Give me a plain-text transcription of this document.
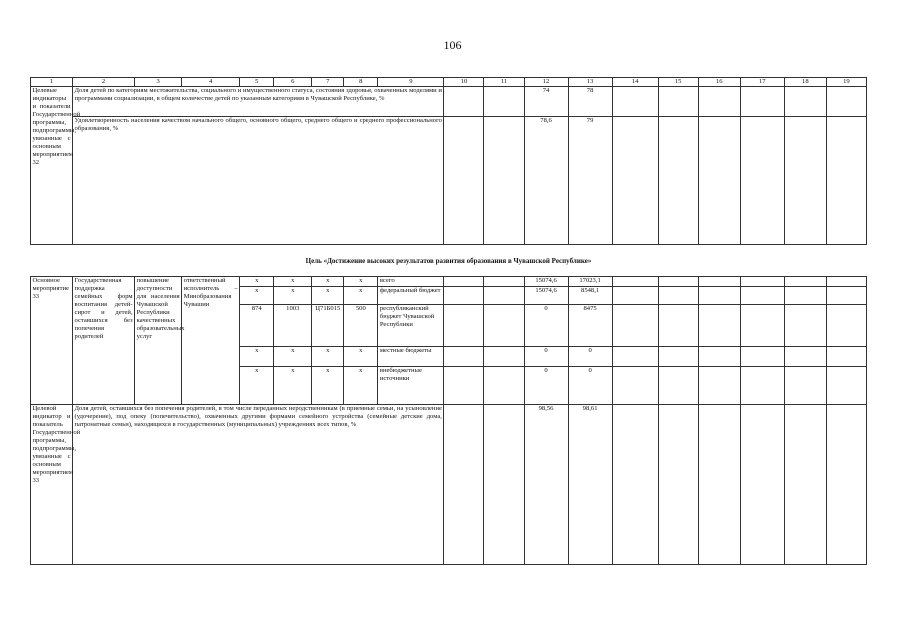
106
1	2	3	4	5	6	7	8	9	10	11	12	13	14	15	16	17	18	19
Целевые индикаторы и показатели Государственной программы, подпрограммы, увязанные с основным мероприятием 32	Доля детей по категориям местожительства, социального и имущественного статуса, состояния здоровья, охваченных моделями и программами социализации, в общем количестве детей по указанным категориям в Чувашской Республике, %										74	78						
	Удовлетворенность населения качеством начального общего, основного общего, среднего общего и среднего профессионального образования, %										78,6	79						
Цель «Достижение высоких результатов развития образования в Чувашской Республике»
Основное мероприятие 33	Государственная поддержка семейных форм воспитания детей-сирот и детей, оставшихся без попечения родителей	повышение доступности для населения Чувашской Республики качественных образовательных услуг	ответственный исполнитель – Минобразования Чувашии	x	x	x	x	всего			15074,6	17023,1						
				x	x	x	x	федеральный бюджет			15074,6	8548,1						
				874	1003	Ц71Б015	500	республиканский бюджет Чувашской Республики			0	8475						
				x	x	x	x	местные бюджеты			0	0						
				x	x	x	x	внебюджетные источники			0	0						
Целевой индикатор и показатель Государственной программы, подпрограммы, увязанные с основным мероприятием 33	Доля детей, оставшихся без попечения родителей, в том числе переданных неродственникам (в приемные семьи, на усыновление (удочерение), под опеку (попечительство), охваченных другими формами семейного устройства (семейные детские дома, патронатные семьи), находящихся в государственных (муниципальных) учреждениях всех типов, %										98,56	98,61						
